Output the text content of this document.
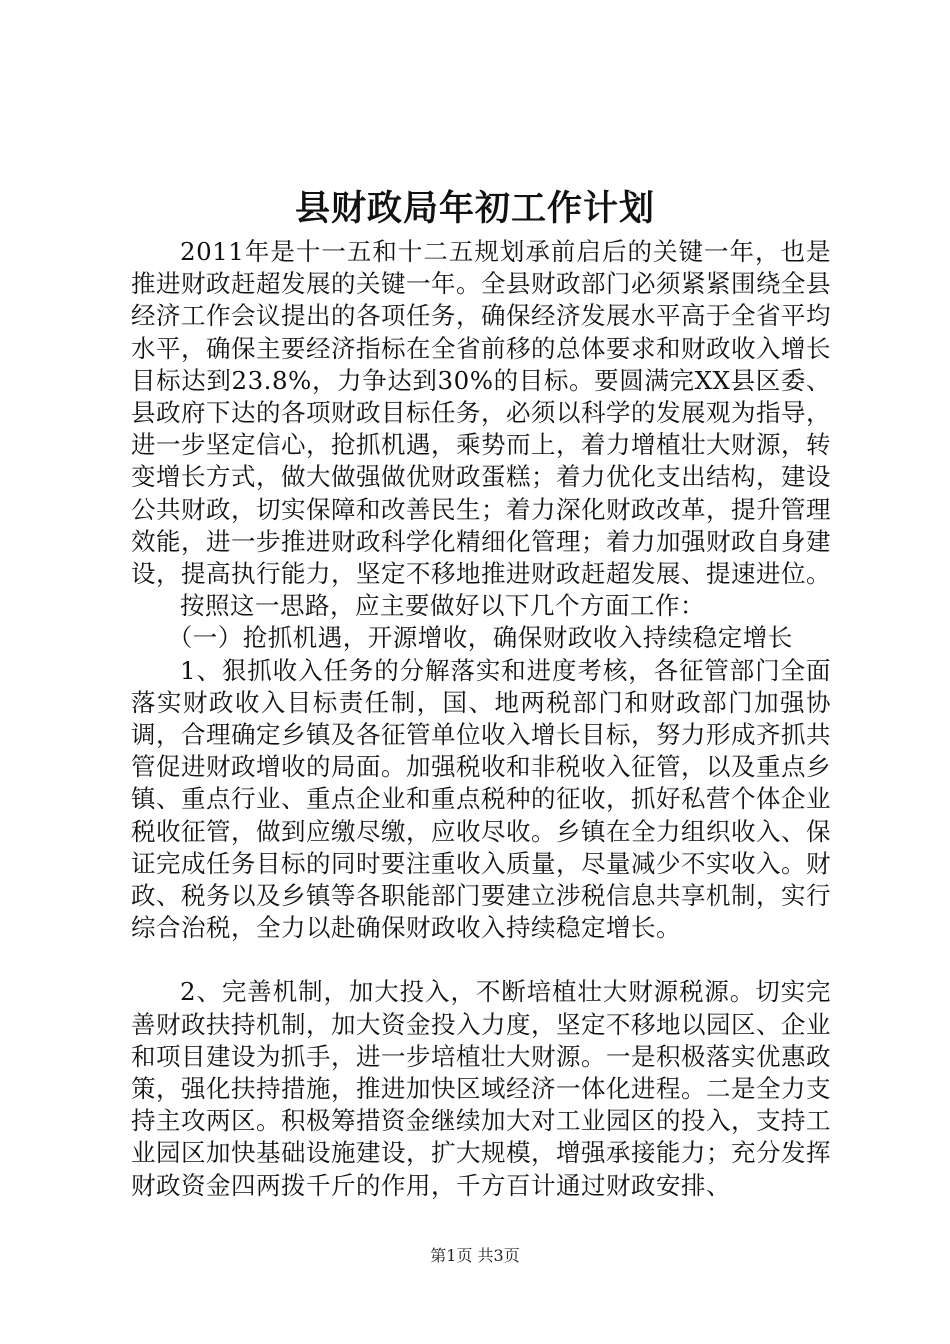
县财政局年初工作计划

2011年是十一五和十二五规划承前启后的关键一年，也是推进财政赶超发展的关键一年。全县财政部门必须紧紧围绕全县经济工作会议提出的各项任务，确保经济发展水平高于全省平均水平，确保主要经济指标在全省前移的总体要求和财政收入增长目标达到23.8%，力争达到30%的目标。要圆满完XX县区委、县政府下达的各项财政目标任务，必须以科学的发展观为指导，进一步坚定信心，抢抓机遇，乘势而上，着力增植壮大财源，转变增长方式，做大做强做优财政蛋糕；着力优化支出结构，建设公共财政，切实保障和改善民生；着力深化财政改革，提升管理效能，进一步推进财政科学化精细化管理；着力加强财政自身建设，提高执行能力，坚定不移地推进财政赶超发展、提速进位。

按照这一思路，应主要做好以下几个方面工作：

（一）抢抓机遇，开源增收，确保财政收入持续稳定增长

1、狠抓收入任务的分解落实和进度考核，各征管部门全面落实财政收入目标责任制，国、地两税部门和财政部门加强协调，合理确定乡镇及各征管单位收入增长目标，努力形成齐抓共管促进财政增收的局面。加强税收和非税收入征管，以及重点乡镇、重点行业、重点企业和重点税种的征收，抓好私营个体企业税收征管，做到应缴尽缴，应收尽收。乡镇在全力组织收入、保证完成任务目标的同时要注重收入质量，尽量减少不实收入。财政、税务以及乡镇等各职能部门要建立涉税信息共享机制，实行综合治税，全力以赴确保财政收入持续稳定增长。

2、完善机制，加大投入，不断培植壮大财源税源。切实完善财政扶持机制，加大资金投入力度，坚定不移地以园区、企业和项目建设为抓手，进一步培植壮大财源。一是积极落实优惠政策，强化扶持措施，推进加快区域经济一体化进程。二是全力支持主攻两区。积极筹措资金继续加大对工业园区的投入，支持工业园区加快基础设施建设，扩大规模，增强承接能力；充分发挥财政资金四两拨千斤的作用，千方百计通过财政安排、

第1页 共3页
